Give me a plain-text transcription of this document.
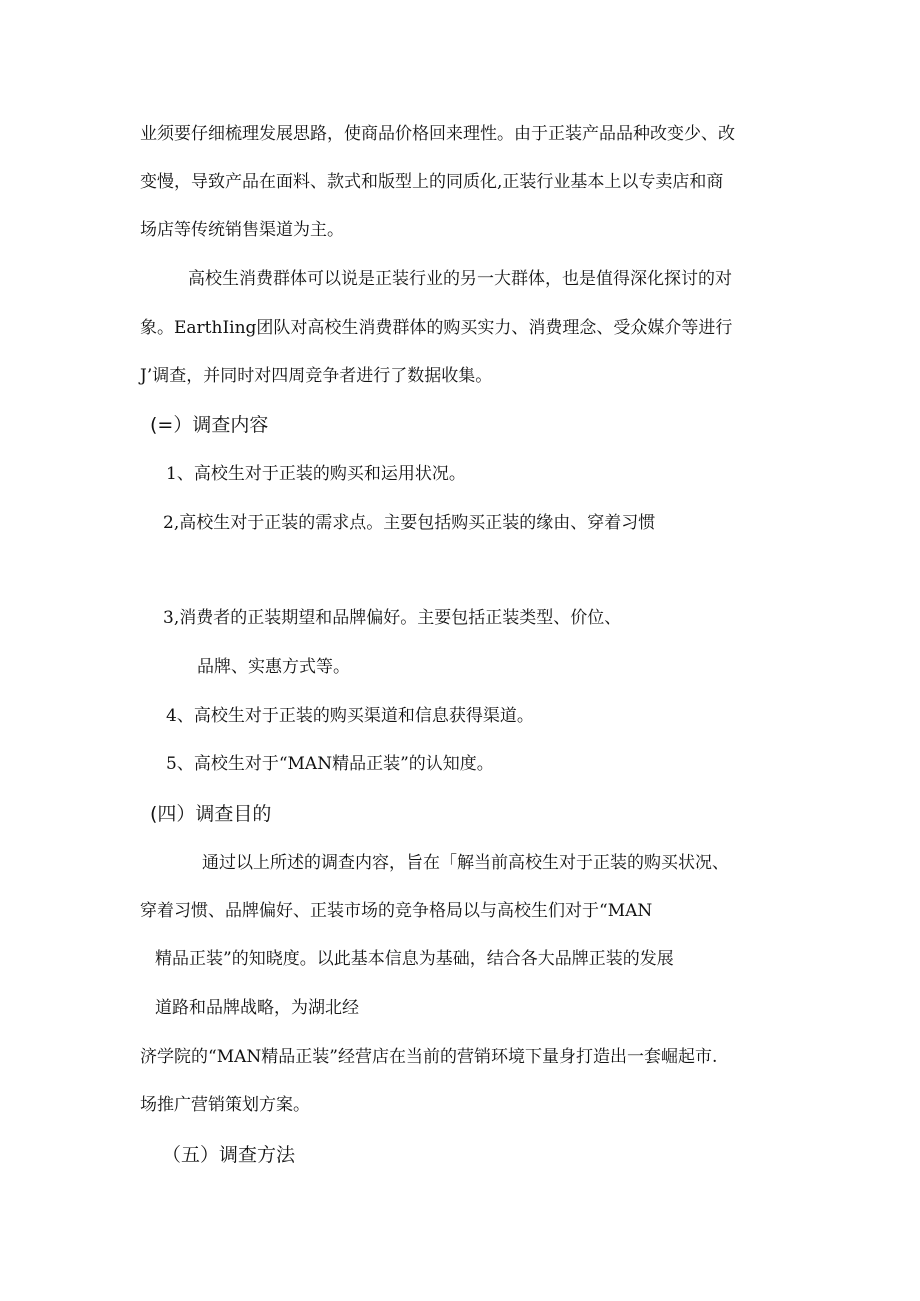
业须要仔细梳理发展思路，使商品价格回来理性。由于正装产品品种改变少、改
变慢，导致产品在面料、款式和版型上的同质化,正装行业基本上以专卖店和商
场店等传统销售渠道为主。
高校生消费群体可以说是正装行业的另一大群体，也是值得深化探讨的对
象。EarthIing团队对高校生消费群体的购买实力、消费理念、受众媒介等进行
J’调查，并同时对四周竞争者进行了数据收集。
(=）调查内容
1、高校生对于正装的购买和运用状况。
2,高校生对于正装的需求点。主要包括购买正装的缘由、穿着习惯
3,消费者的正装期望和品牌偏好。主要包括正装类型、价位、
品牌、实惠方式等。
4、高校生对于正装的购买渠道和信息获得渠道。
5、高校生对于“MAN精品正装”的认知度。
(四）调查目的
通过以上所述的调查内容，旨在「解当前高校生对于正装的购买状况、
穿着习惯、品牌偏好、正装市场的竞争格局以与高校生们对于“MAN
精品正装”的知晓度。以此基本信息为基础，结合各大品牌正装的发展
道路和品牌战略，为湖北经
济学院的“MAN精品正装”经营店在当前的营销环境下量身打造出一套崛起市.
场推广营销策划方案。
（五）调查方法
